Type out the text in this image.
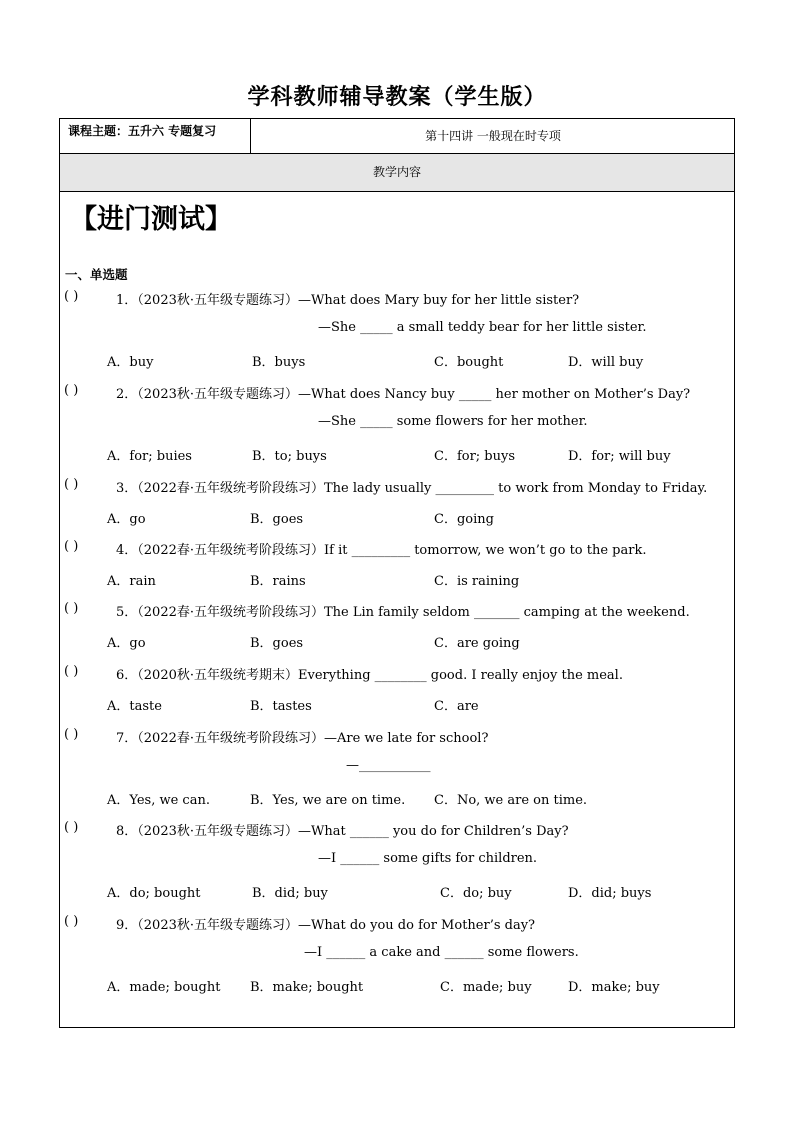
学科教师辅导教案（学生版）
课程主题：五升六 专题复习	第十四讲 一般现在时专项
教学内容
【进门测试】
一、单选题
( )	1．（2023秋·五年级专题练习）—What does Mary buy for her little sister?
—She _____ a small teddy bear for her little sister.
A．buy	B．buys	C．bought	D．will buy
( )	2．（2023秋·五年级专题练习）—What does Nancy buy _____ her mother on Mother’s Day?
—She _____ some flowers for her mother.
A．for; buies	B．to; buys	C．for; buys	D．for; will buy
( )	3．（2022春·五年级统考阶段练习）The lady usually _________ to work from Monday to Friday.
A．go	B．goes	C．going
( )	4．（2022春·五年级统考阶段练习）If it _________ tomorrow, we won’t go to the park.
A．rain	B．rains	C．is raining
( )	5．（2022春·五年级统考阶段练习）The Lin family seldom _______ camping at the weekend.
A．go	B．goes	C．are going
( )	6．（2020秋·五年级统考期末）Everything ________ good. I really enjoy the meal.
A．taste	B．tastes	C．are
( )	7．（2022春·五年级统考阶段练习）—Are we late for school?
—___________
A．Yes, we can.	B．Yes, we are on time. C．No, we are on time.
( )	8．（2023秋·五年级专题练习）—What ______ you do for Children’s Day?
—I ______ some gifts for children.
A．do; bought	B．did; buy	C．do; buy	D．did; buys
( )	9．（2023秋·五年级专题练习）—What do you do for Mother’s day?
—I ______ a cake and ______ some flowers.
A．made; bought B．make; bought	C．made; buy	D．make; buy
